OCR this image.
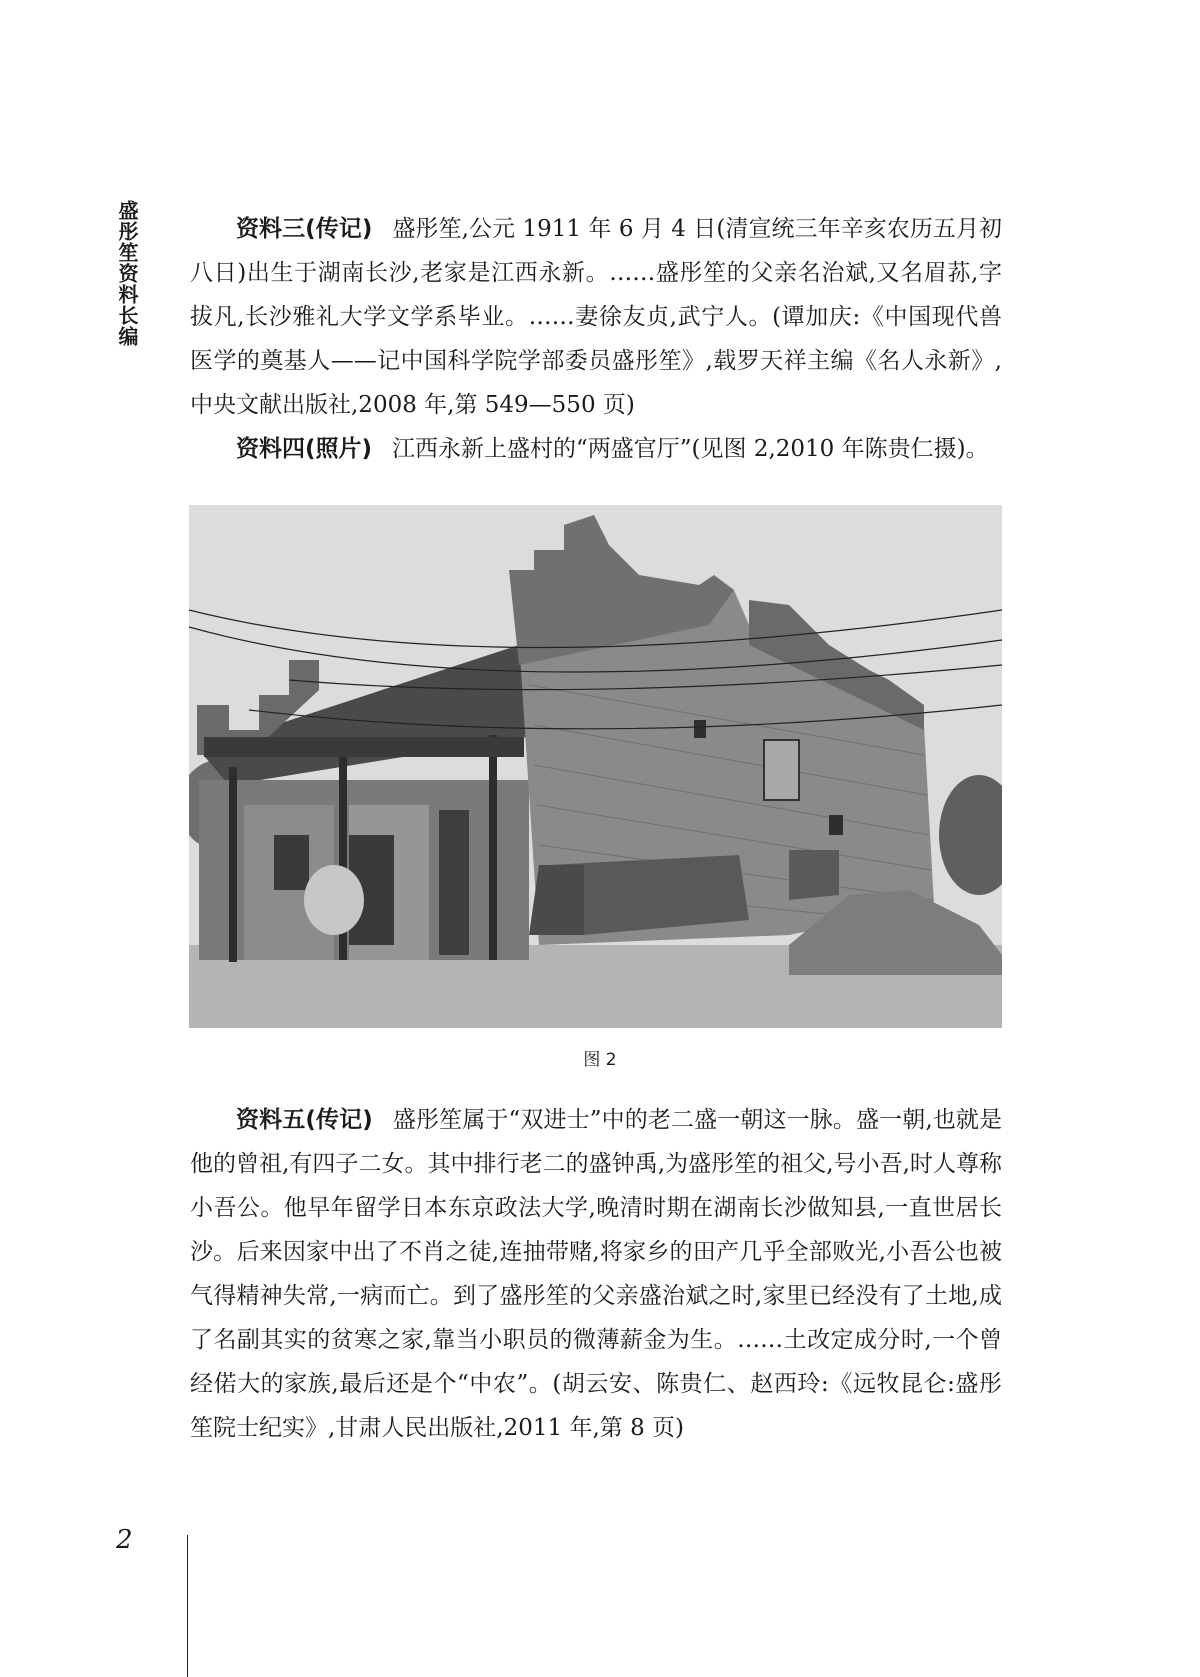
盛彤笙资料长编	资料三(传记) 盛彤笙,公元 1911 年 6 月 4 日(清宣统三年辛亥农历五月初八日)出生于湖南长沙,老家是江西永新。……盛彤笙的父亲名治斌,又名眉荪,字拔凡,长沙雅礼大学文学系毕业。……妻徐友贞,武宁人。(谭加庆:《中国现代兽医学的奠基人——记中国科学院学部委员盛彤笙》,载罗天祥主编《名人永新》,中央文献出版社,2008 年,第 549—550 页)

资料四(照片) 江西永新上盛村的“两盛官厅”(见图 2,2010 年陈贵仁摄)。

图 2

资料五(传记) 盛彤笙属于“双进士”中的老二盛一朝这一脉。盛一朝,也就是他的曾祖,有四子二女。其中排行老二的盛钟禹,为盛彤笙的祖父,号小吾,时人尊称小吾公。他早年留学日本东京政法大学,晚清时期在湖南长沙做知县,一直世居长沙。后来因家中出了不肖之徒,连抽带赌,将家乡的田产几乎全部败光,小吾公也被气得精神失常,一病而亡。到了盛彤笙的父亲盛治斌之时,家里已经没有了土地,成了名副其实的贫寒之家,靠当小职员的微薄薪金为生。……土改定成分时,一个曾经偌大的家族,最后还是个“中农”。(胡云安、陈贵仁、赵西玲:《远牧昆仑:盛彤笙院士纪实》,甘肃人民出版社,2011 年,第 8 页)

2
